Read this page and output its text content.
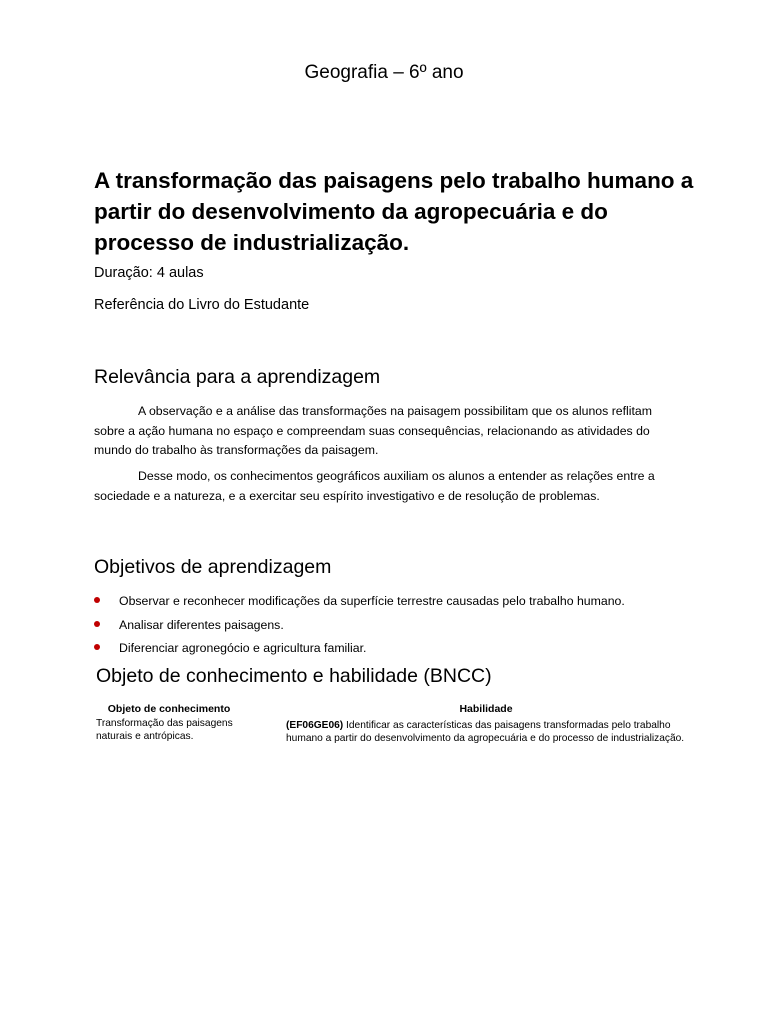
Geografia – 6º ano
A transformação das paisagens pelo trabalho humano a partir do desenvolvimento da agropecuária e do processo de industrialização.
Duração: 4 aulas
Referência do Livro do Estudante
Relevância para a aprendizagem
A observação e a análise das transformações na paisagem possibilitam que os alunos reflitam sobre a ação humana no espaço e compreendam suas consequências, relacionando as atividades do mundo do trabalho às transformações da paisagem.
Desse modo, os conhecimentos geográficos auxiliam os alunos a entender as relações entre a sociedade e a natureza, e a exercitar seu espírito investigativo e de resolução de problemas.
Objetivos de aprendizagem
Observar e reconhecer modificações da superfície terrestre causadas pelo trabalho humano.
Analisar diferentes paisagens.
Diferenciar agronegócio e agricultura familiar.
Objeto de conhecimento e habilidade (BNCC)
Objeto de conhecimento	Habilidade
Transformação das paisagens naturais e antrópicas.
(EF06GE06) Identificar as características das paisagens transformadas pelo trabalho humano a partir do desenvolvimento da agropecuária e do processo de industrialização.
